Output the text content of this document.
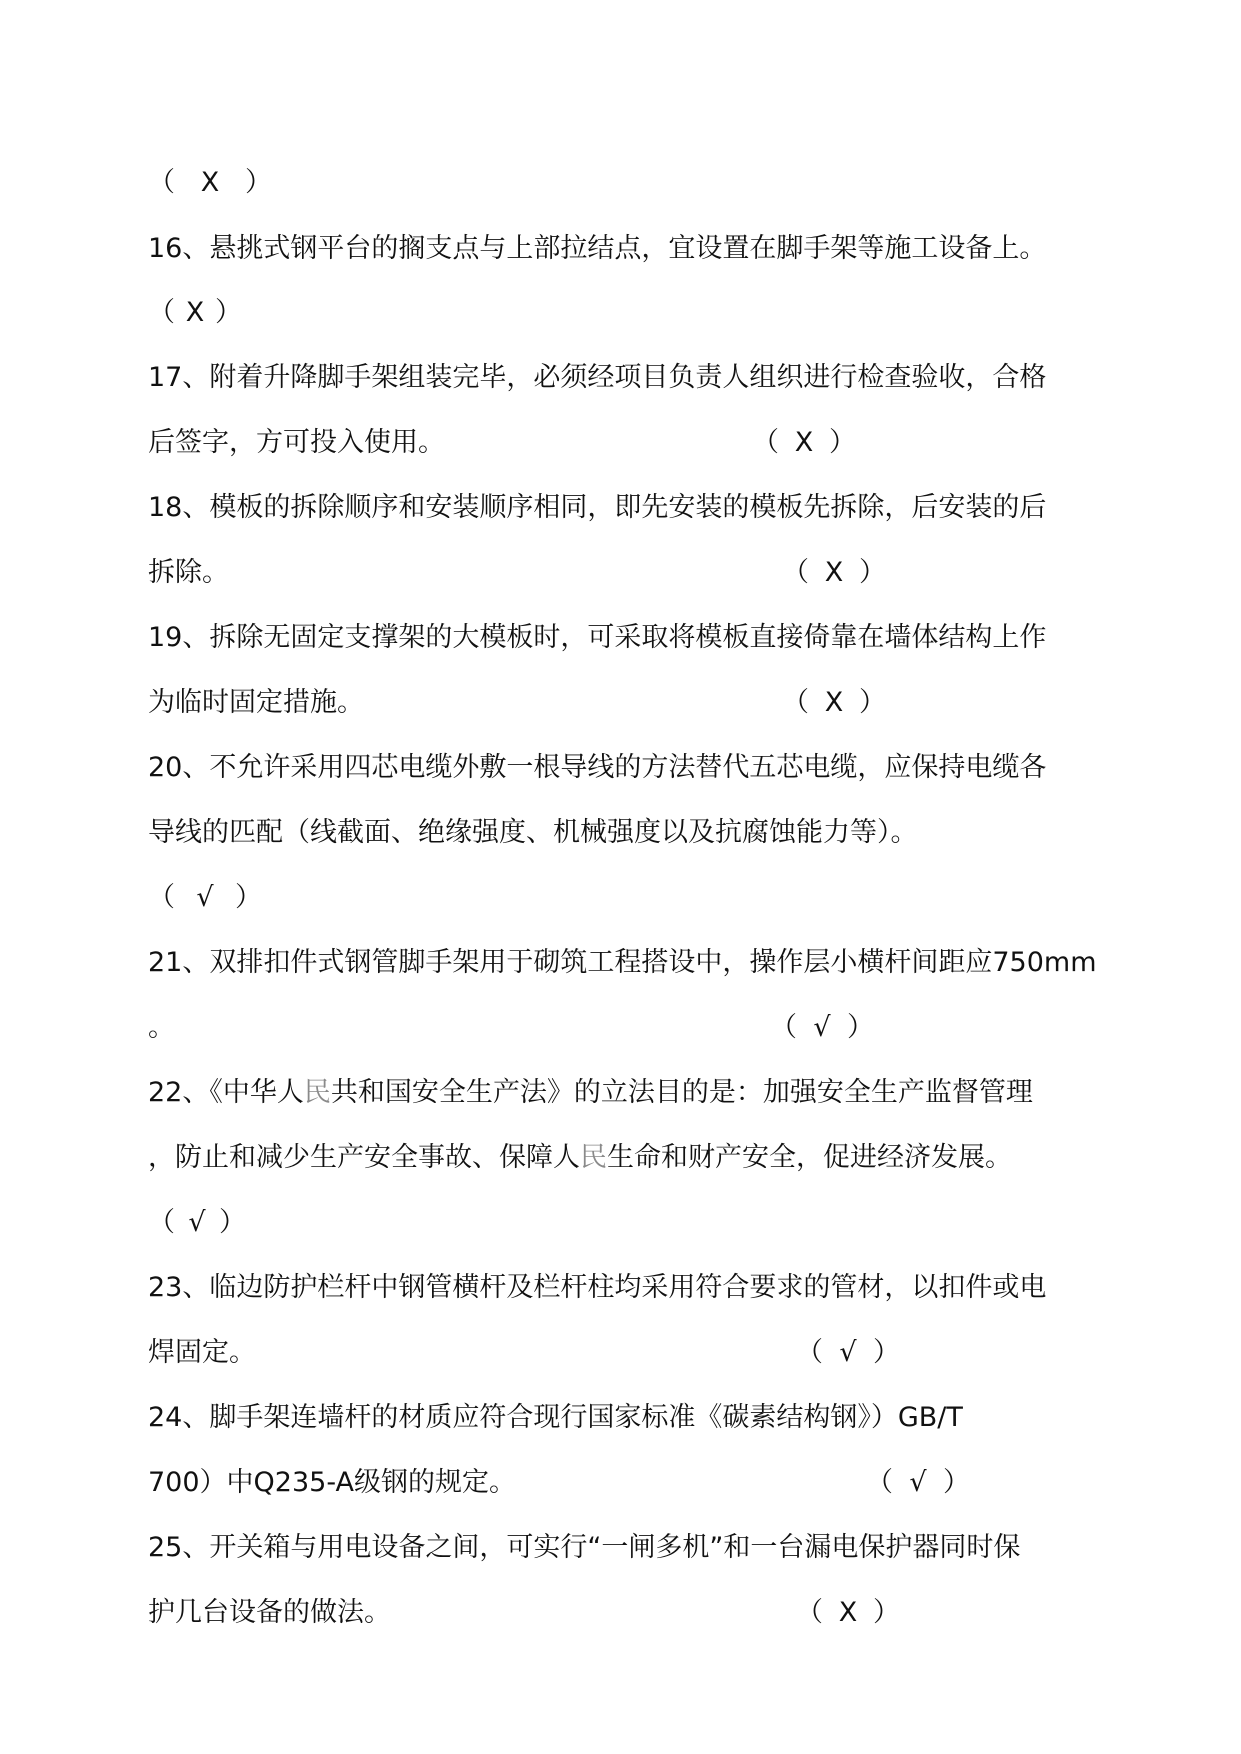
（ X ）
16、悬挑式钢平台的搁支点与上部拉结点，宜设置在脚手架等施工设备上。
（ X ）
17、附着升降脚手架组装完毕，必须经项目负责人组织进行检查验收，合格
后签字，方可投入使用。	（ X ）
18、模板的拆除顺序和安装顺序相同，即先安装的模板先拆除，后安装的后
拆除。	（ X ）
19、拆除无固定支撑架的大模板时，可采取将模板直接倚靠在墙体结构上作
为临时固定措施。	（ X ）
20、不允许采用四芯电缆外敷一根导线的方法替代五芯电缆，应保持电缆各
导线的匹配（线截面、绝缘强度、机械强度以及抗腐蚀能力等）。
（ √ ）
21、双排扣件式钢管脚手架用于砌筑工程搭设中，操作层小横杆间距应750mm
。	（ √ ）
22、《中华人民共和国安全生产法》的立法目的是：加强安全生产监督管理
，防止和减少生产安全事故、保障人民生命和财产安全，促进经济发展。
（ √ ）
23、临边防护栏杆中钢管横杆及栏杆柱均采用符合要求的管材，以扣件或电
焊固定。	（ √ ）
24、脚手架连墙杆的材质应符合现行国家标准《碳素结构钢》）GB/T
700）中Q235-A级钢的规定。	（ √ ）
25、开关箱与用电设备之间，可实行“一闸多机”和一台漏电保护器同时保
护几台设备的做法。	（ X ）
